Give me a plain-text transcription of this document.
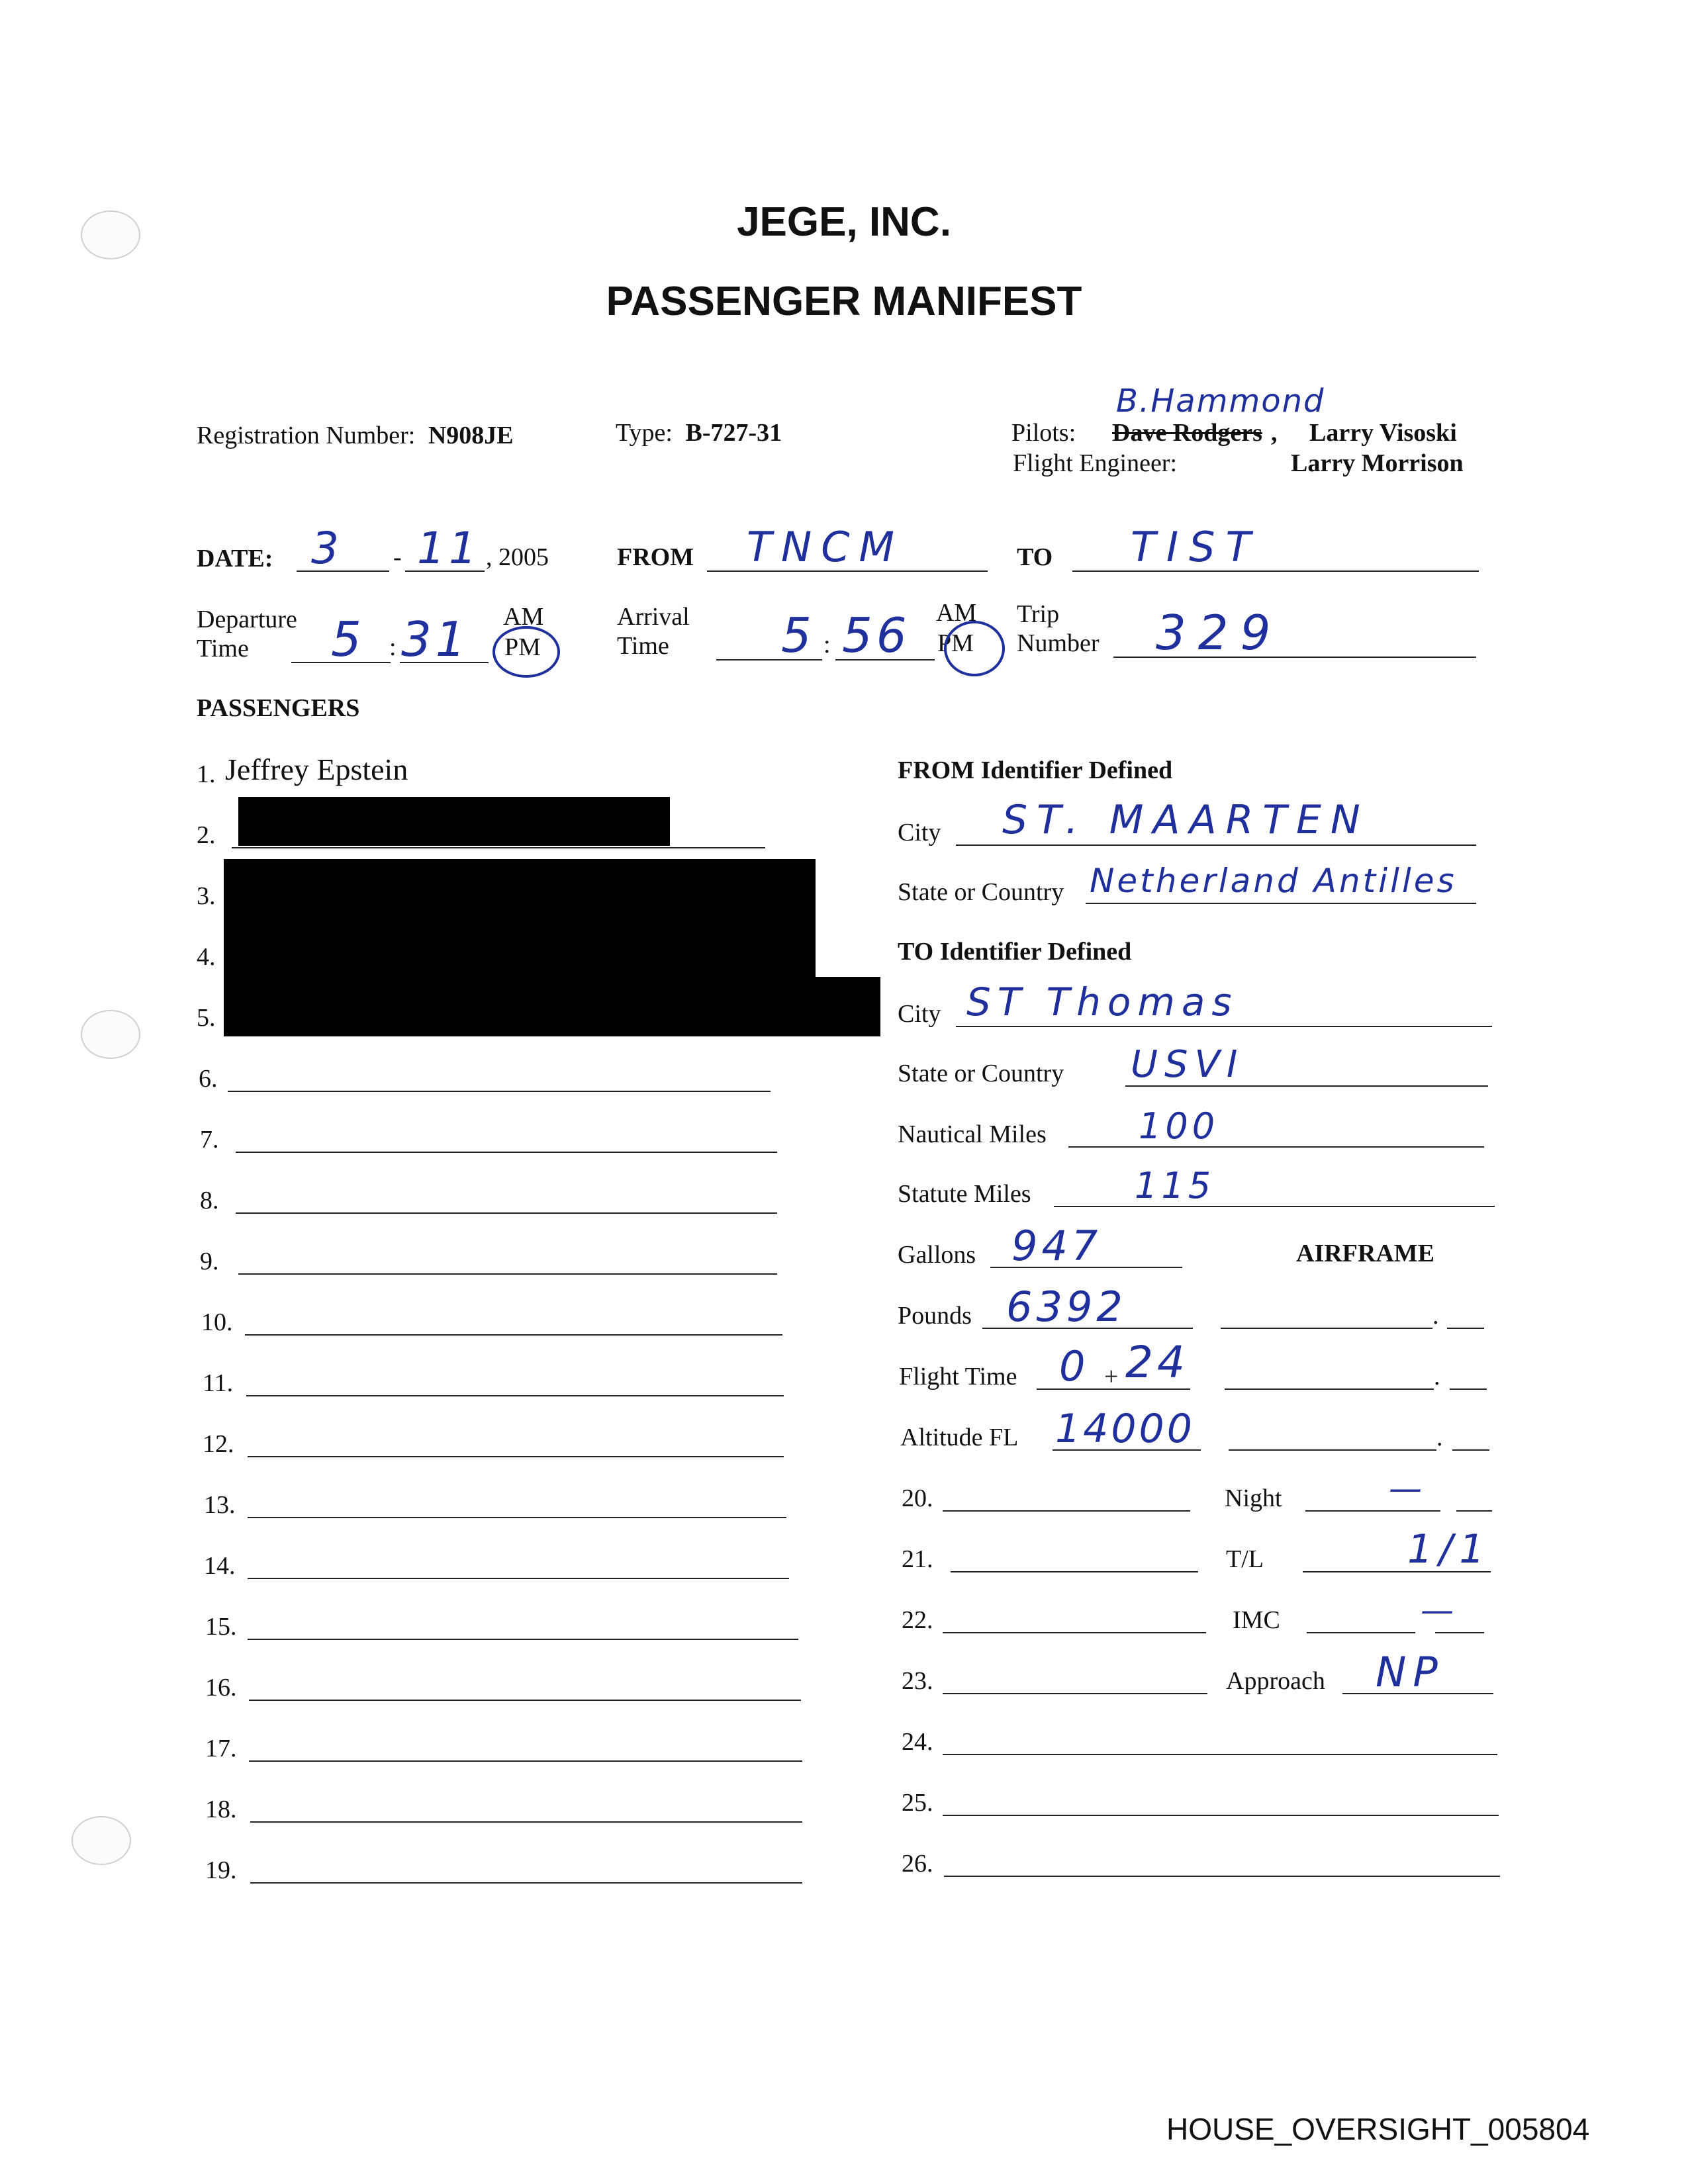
JEGE, INC.
PASSENGER MANIFEST
Registration Number: N908JE	Type: B-727-31	Pilots:
B.Hammond
Dave Rodgers , Larry Visoski
Flight Engineer:	Larry Morrison
DATE: 3 - 11 , 2005	FROM TNCM	TO TIST
Departure
Time 5 : 31 AM
PM
Arrival
Time 5 : 56 AM
PM
Trip
Number 329
PASSENGERS
1. Jeffrey Epstein
2.
3.
4.
5.
6.
7.
8.
9.
10.
11.
12.
13.
14.
15.
16.
17.
18.
19.
FROM Identifier Defined
City ST. MAARTEN
State or Country Netherland Antilles
TO Identifier Defined
City ST Thomas
State or Country USVI
Nautical Miles	100
Statute Miles	115
Gallons 947	AIRFRAME
Pounds 6392	.
Flight Time 0 + 24	.
Altitude FL 14000	.
20.	Night	—
21.	T/L	1/1
22.	IMC	—
23.	Approach NP
24.
25.
26.
HOUSE_OVERSIGHT_005804
